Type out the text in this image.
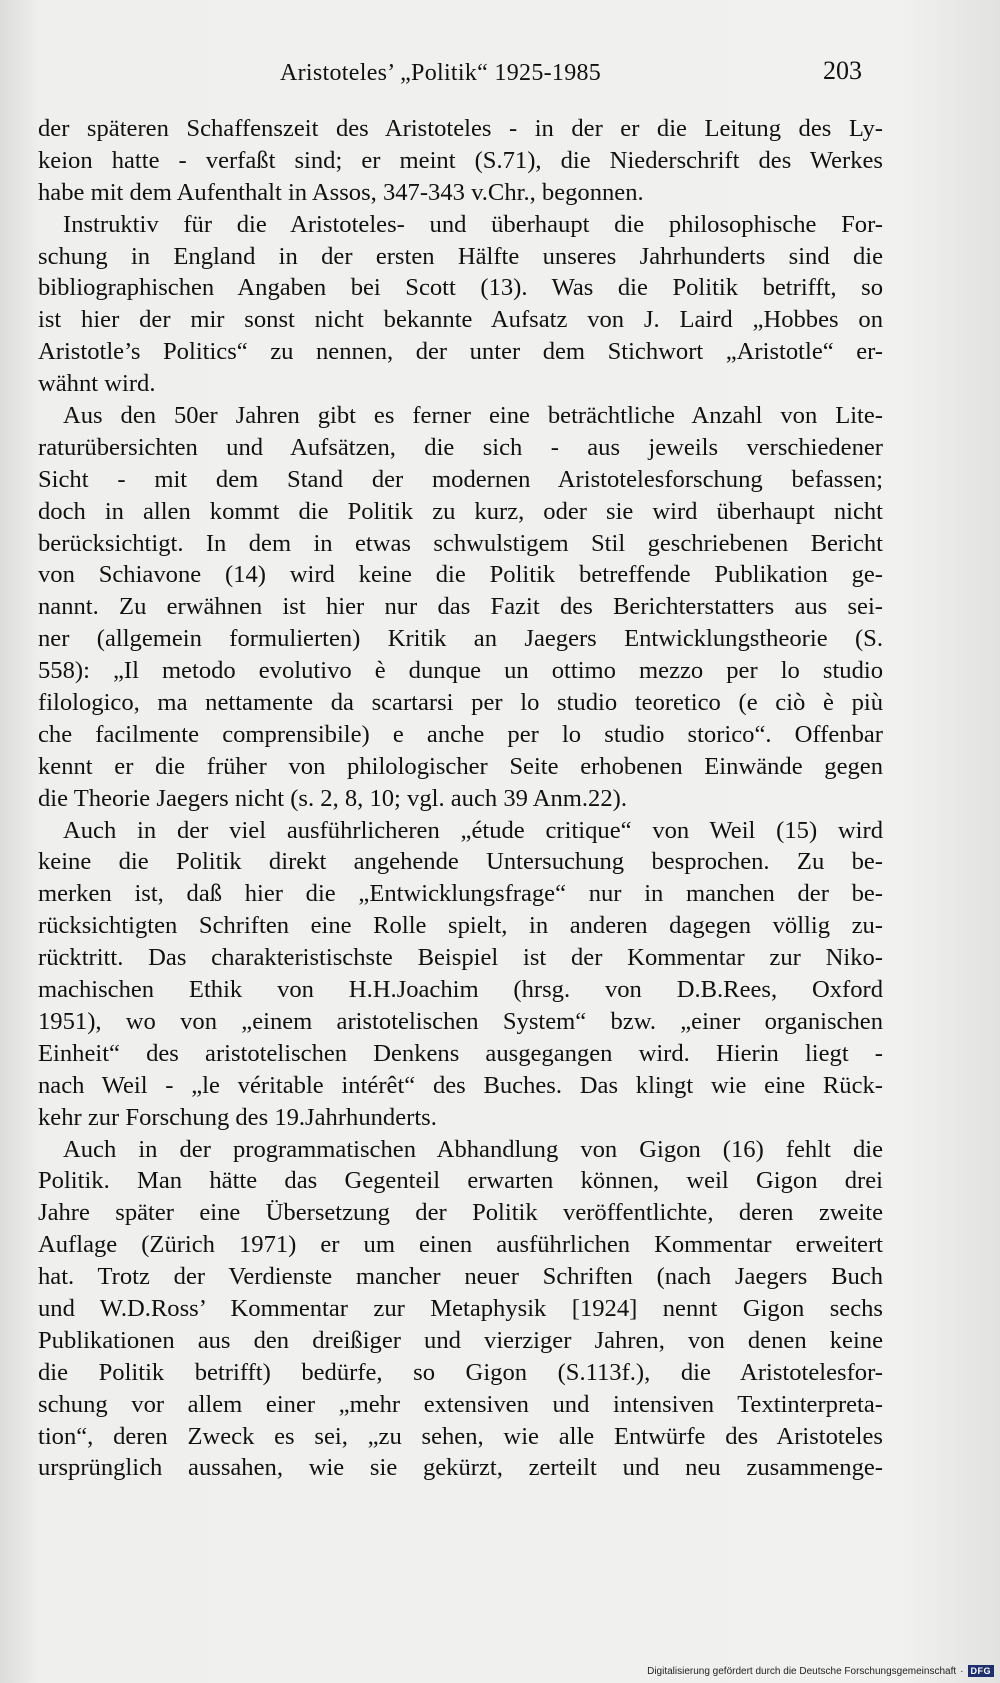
Aristoteles’ „Politik“ 1925-1985	203
der späteren Schaffenszeit des Aristoteles - in der er die Leitung des Ly-
keion hatte - verfaßt sind; er meint (S.71), die Niederschrift des Werkes
habe mit dem Aufenthalt in Assos, 347-343 v.Chr., begonnen.
Instruktiv für die Aristoteles- und überhaupt die philosophische For-
schung in England in der ersten Hälfte unseres Jahrhunderts sind die
bibliographischen Angaben bei Scott (13). Was die Politik betrifft, so
ist hier der mir sonst nicht bekannte Aufsatz von J. Laird „Hobbes on
Aristotle’s Politics“ zu nennen, der unter dem Stichwort „Aristotle“ er-
wähnt wird.
Aus den 50er Jahren gibt es ferner eine beträchtliche Anzahl von Lite-
raturübersichten und Aufsätzen, die sich - aus jeweils verschiedener
Sicht - mit dem Stand der modernen Aristotelesforschung befassen;
doch in allen kommt die Politik zu kurz, oder sie wird überhaupt nicht
berücksichtigt. In dem in etwas schwulstigem Stil geschriebenen Bericht
von Schiavone (14) wird keine die Politik betreffende Publikation ge-
nannt. Zu erwähnen ist hier nur das Fazit des Berichterstatters aus sei-
ner (allgemein formulierten) Kritik an Jaegers Entwicklungstheorie (S.
558): „Il metodo evolutivo è dunque un ottimo mezzo per lo studio
filologico, ma nettamente da scartarsi per lo studio teoretico (e ciò è più
che facilmente comprensibile) e anche per lo studio storico“. Offenbar
kennt er die früher von philologischer Seite erhobenen Einwände gegen
die Theorie Jaegers nicht (s. 2, 8, 10; vgl. auch 39 Anm.22).
Auch in der viel ausführlicheren „étude critique“ von Weil (15) wird
keine die Politik direkt angehende Untersuchung besprochen. Zu be-
merken ist, daß hier die „Entwicklungsfrage“ nur in manchen der be-
rücksichtigten Schriften eine Rolle spielt, in anderen dagegen völlig zu-
rücktritt. Das charakteristischste Beispiel ist der Kommentar zur Niko-
machischen Ethik von H.H.Joachim (hrsg. von D.B.Rees, Oxford
1951), wo von „einem aristotelischen System“ bzw. „einer organischen
Einheit“ des aristotelischen Denkens ausgegangen wird. Hierin liegt -
nach Weil - „le véritable intérêt“ des Buches. Das klingt wie eine Rück-
kehr zur Forschung des 19.Jahrhunderts.
Auch in der programmatischen Abhandlung von Gigon (16) fehlt die
Politik. Man hätte das Gegenteil erwarten können, weil Gigon drei
Jahre später eine Übersetzung der Politik veröffentlichte, deren zweite
Auflage (Zürich 1971) er um einen ausführlichen Kommentar erweitert
hat. Trotz der Verdienste mancher neuer Schriften (nach Jaegers Buch
und W.D.Ross’ Kommentar zur Metaphysik [1924] nennt Gigon sechs
Publikationen aus den dreißiger und vierziger Jahren, von denen keine
die Politik betrifft) bedürfe, so Gigon (S.113f.), die Aristotelesfor-
schung vor allem einer „mehr extensiven und intensiven Textinterpreta-
tion“, deren Zweck es sei, „zu sehen, wie alle Entwürfe des Aristoteles
ursprünglich aussahen, wie sie gekürzt, zerteilt und neu zusammenge-
Digitalisierung gefördert durch die Deutsche Forschungsgemeinschaft · DFG
